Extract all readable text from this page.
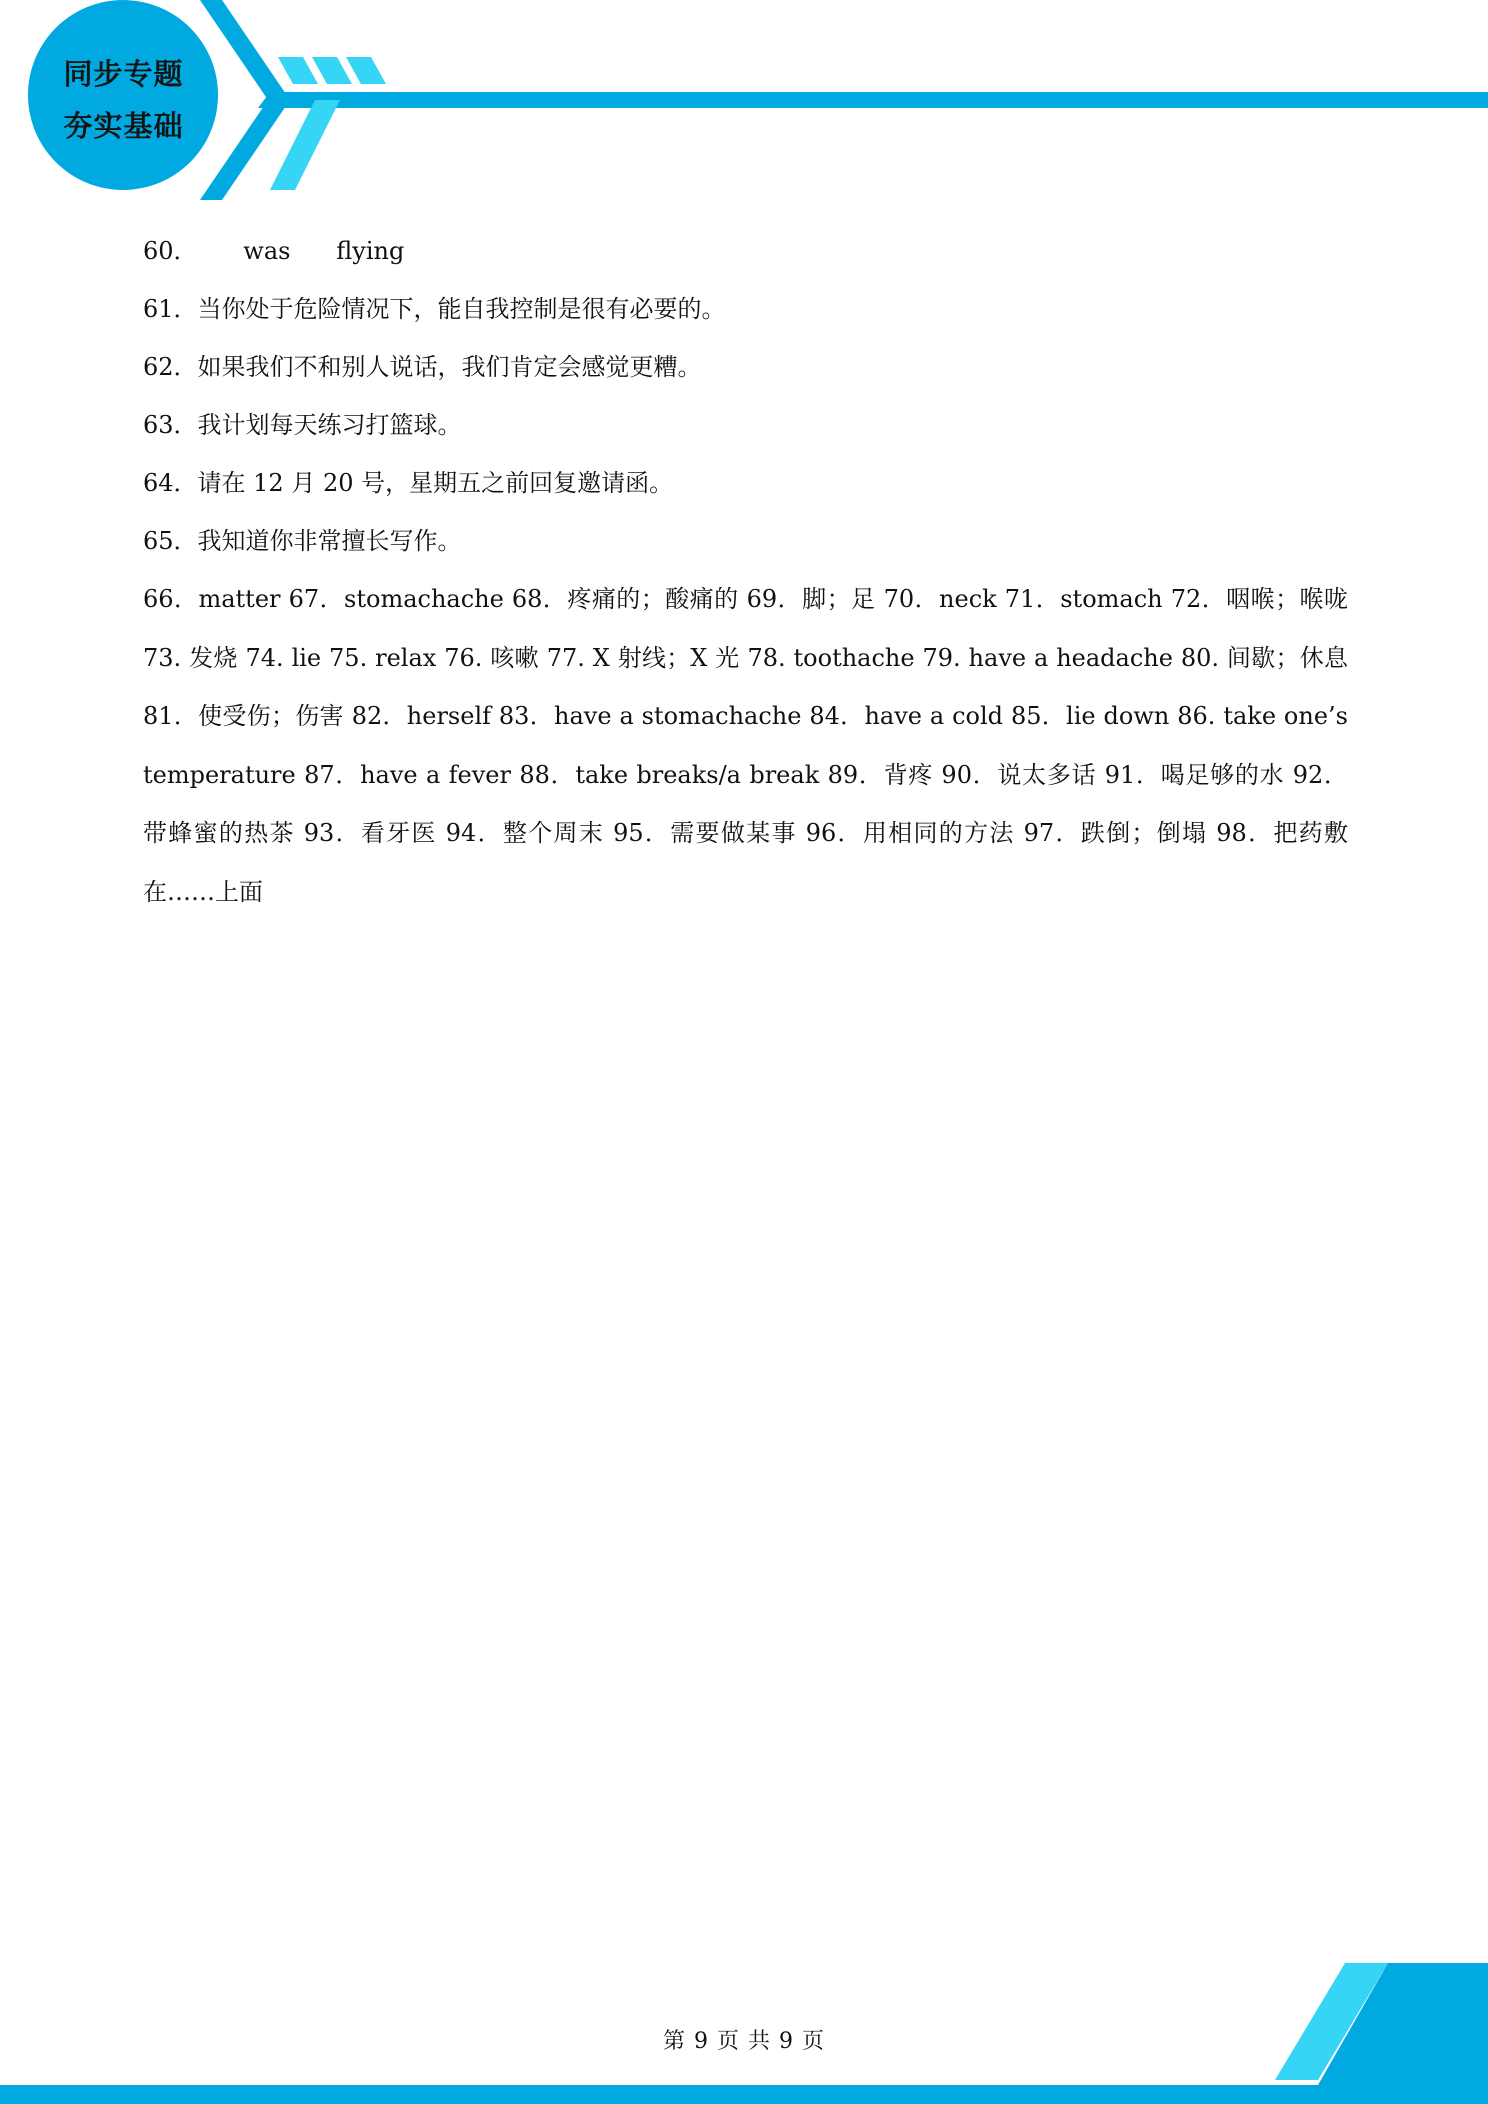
同步专题
夯实基础
60．      was      flying
61．当你处于危险情况下，能自我控制是很有必要的。
62．如果我们不和别人说话，我们肯定会感觉更糟。
63．我计划每天练习打篮球。
64．请在 12 月 20 号，星期五之前回复邀请函。
65．我知道你非常擅长写作。

66．matter 67．stomachache 68．疼痛的；酸痛的 69．脚；足 70．neck 71．stomach 72．咽喉；喉咙 73. 发烧 74. lie 75. relax 76. 咳嗽 77. X 射线；X 光 78. toothache 79. have a headache 80. 间歇；休息 81．使受伤；伤害 82．herself 83．have a stomachache 84．have a cold 85．lie down 86. take one’s temperature 87．have a fever 88．take breaks/a break 89．背疼 90．说太多话 91．喝足够的水 92．带蜂蜜的热茶 93．看牙医 94．整个周末 95．需要做某事 96．用相同的方法 97．跌倒；倒塌 98．把药敷在……上面

第 9 页 共 9 页
